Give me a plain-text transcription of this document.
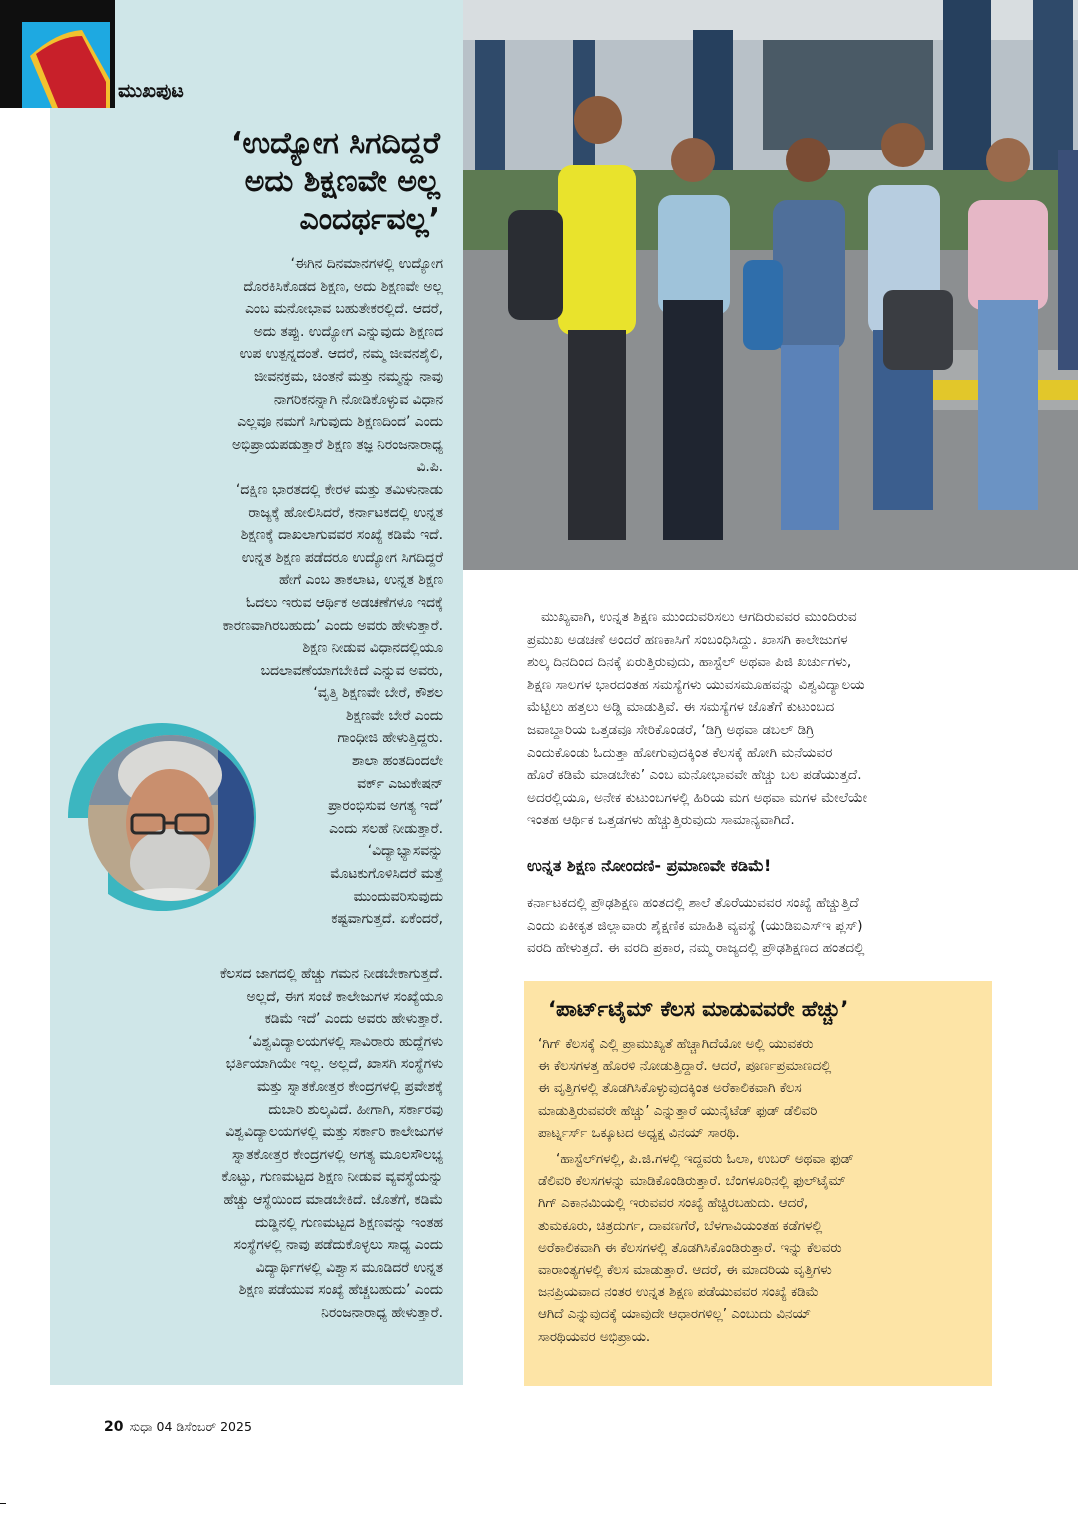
ಮುಖಪುಟ
‘ಉದ್ಯೋಗ ಸಿಗದಿದ್ದರೆ
ಅದು ಶಿಕ್ಷಣವೇ ಅಲ್ಲ
ಎಂದರ್ಥವಲ್ಲ’

‘ಈಗಿನ ದಿನಮಾನಗಳಲ್ಲಿ ಉದ್ಯೋಗ

ದೊರಕಿಸಿಕೊಡದ ಶಿಕ್ಷಣ, ಅದು ಶಿಕ್ಷಣವೇ ಅಲ್ಲ

ಎಂಬ ಮನೋಭಾವ ಬಹುತೇಕರಲ್ಲಿದೆ. ಆದರೆ,

ಅದು ತಪ್ಪು. ಉದ್ಯೋಗ ಎನ್ನುವುದು ಶಿಕ್ಷಣದ

ಉಪ ಉತ್ಪನ್ನದಂತೆ. ಆದರೆ, ನಮ್ಮ ಜೀವನಶೈಲಿ,

ಜೀವನಕ್ರಮ, ಚಿಂತನೆ ಮತ್ತು ನಮ್ಮನ್ನು ನಾವು

ನಾಗರಿಕನನ್ನಾಗಿ ನೋಡಿಕೊಳ್ಳುವ ವಿಧಾನ

ಎಲ್ಲವೂ ನಮಗೆ ಸಿಗುವುದು ಶಿಕ್ಷಣದಿಂದ’ ಎಂದು

ಅಭಿಪ್ರಾಯಪಡುತ್ತಾರೆ ಶಿಕ್ಷಣ ತಜ್ಞ ನಿರಂಜನಾರಾಧ್ಯ

ವಿ.ಪಿ.

‘ದಕ್ಷಿಣ ಭಾರತದಲ್ಲಿ ಕೇರಳ ಮತ್ತು ತಮಿಳುನಾಡು

ರಾಜ್ಯಕ್ಕೆ ಹೋಲಿಸಿದರೆ, ಕರ್ನಾಟಕದಲ್ಲಿ ಉನ್ನತ

ಶಿಕ್ಷಣಕ್ಕೆ ದಾಖಲಾಗುವವರ ಸಂಖ್ಯೆ ಕಡಿಮೆ ಇದೆ.

ಉನ್ನತ ಶಿಕ್ಷಣ ಪಡೆದರೂ ಉದ್ಯೋಗ ಸಿಗದಿದ್ದರೆ

ಹೇಗೆ ಎಂಬ ತಾಕಲಾಟ, ಉನ್ನತ ಶಿಕ್ಷಣ

ಓದಲು ಇರುವ ಆರ್ಥಿಕ ಅಡಚಣೆಗಳೂ ಇದಕ್ಕೆ

ಕಾರಣವಾಗಿರಬಹುದು’ ಎಂದು ಅವರು ಹೇಳುತ್ತಾರೆ.

ಶಿಕ್ಷಣ ನೀಡುವ ವಿಧಾನದಲ್ಲಿಯೂ

ಬದಲಾವಣೆಯಾಗಬೇಕಿದೆ ಎನ್ನುವ ಅವರು,

‘ವೃತ್ತಿ ಶಿಕ್ಷಣವೇ ಬೇರೆ, ಕೌಶಲ

ಶಿಕ್ಷಣವೇ ಬೇರೆ ಎಂದು

ಗಾಂಧೀಜಿ ಹೇಳುತ್ತಿದ್ದರು.

ಶಾಲಾ ಹಂತದಿಂದಲೇ

ವರ್ಕ್ ಎಜುಕೇಷನ್

ಪ್ರಾರಂಭಿಸುವ ಅಗತ್ಯ ಇದೆ’

ಎಂದು ಸಲಹೆ ನೀಡುತ್ತಾರೆ.

‘ವಿದ್ಯಾಭ್ಯಾಸವನ್ನು

ಮೊಟಕುಗೊಳಿಸಿದರೆ ಮತ್ತೆ

ಮುಂದುವರಿಸುವುದು

ಕಷ್ಟವಾಗುತ್ತದೆ. ಏಕೆಂದರೆ,

ಕೆಲಸದ ಜಾಗದಲ್ಲಿ ಹೆಚ್ಚು ಗಮನ ನೀಡಬೇಕಾಗುತ್ತದೆ.

ಅಲ್ಲದೆ, ಈಗ ಸಂಜೆ ಕಾಲೇಜುಗಳ ಸಂಖ್ಯೆಯೂ

ಕಡಿಮೆ ಇದೆ’ ಎಂದು ಅವರು ಹೇಳುತ್ತಾರೆ.

‘ವಿಶ್ವವಿದ್ಯಾಲಯಗಳಲ್ಲಿ ಸಾವಿರಾರು ಹುದ್ದೆಗಳು

ಭರ್ತಿಯಾಗಿಯೇ ಇಲ್ಲ. ಅಲ್ಲದೆ, ಖಾಸಗಿ ಸಂಸ್ಥೆಗಳು

ಮತ್ತು ಸ್ನಾತಕೋತ್ತರ ಕೇಂದ್ರಗಳಲ್ಲಿ ಪ್ರವೇಶಕ್ಕೆ

ದುಬಾರಿ ಶುಲ್ಕವಿದೆ. ಹೀಗಾಗಿ, ಸರ್ಕಾರವು

ವಿಶ್ವವಿದ್ಯಾಲಯಗಳಲ್ಲಿ ಮತ್ತು ಸರ್ಕಾರಿ ಕಾಲೇಜುಗಳ

ಸ್ನಾತಕೋತ್ತರ ಕೇಂದ್ರಗಳಲ್ಲಿ ಅಗತ್ಯ ಮೂಲಸೌಲಭ್ಯ

ಕೊಟ್ಟು, ಗುಣಮಟ್ಟದ ಶಿಕ್ಷಣ ನೀಡುವ ವ್ಯವಸ್ಥೆಯನ್ನು

ಹೆಚ್ಚು ಆಸ್ಥೆಯಿಂದ ಮಾಡಬೇಕಿದೆ. ಜೊತೆಗೆ, ಕಡಿಮೆ

ದುಡ್ಡಿನಲ್ಲಿ ಗುಣಮಟ್ಟದ ಶಿಕ್ಷಣವನ್ನು ಇಂತಹ

ಸಂಸ್ಥೆಗಳಲ್ಲಿ ನಾವು ಪಡೆದುಕೊಳ್ಳಲು ಸಾಧ್ಯ ಎಂದು

ವಿದ್ಯಾರ್ಥಿಗಳಲ್ಲಿ ವಿಶ್ವಾಸ ಮೂಡಿದರೆ ಉನ್ನತ

ಶಿಕ್ಷಣ ಪಡೆಯುವ ಸಂಖ್ಯೆ ಹೆಚ್ಚಬಹುದು’ ಎಂದು

ನಿರಂಜನಾರಾಧ್ಯ ಹೇಳುತ್ತಾರೆ.

ಮುಖ್ಯವಾಗಿ, ಉನ್ನತ ಶಿಕ್ಷಣ ಮುಂದುವರಿಸಲು ಆಗದಿರುವವರ ಮುಂದಿರುವ

ಪ್ರಮುಖ ಅಡಚಣೆ ಅಂದರೆ ಹಣಕಾಸಿಗೆ ಸಂಬಂಧಿಸಿದ್ದು. ಖಾಸಗಿ ಕಾಲೇಜುಗಳ

ಶುಲ್ಕ ದಿನದಿಂದ ದಿನಕ್ಕೆ ಏರುತ್ತಿರುವುದು, ಹಾಸ್ಟೆಲ್ ಅಥವಾ ಪಿಜಿ ಖರ್ಚುಗಳು,

ಶಿಕ್ಷಣ ಸಾಲಗಳ ಭಾರದಂತಹ ಸಮಸ್ಯೆಗಳು ಯುವಸಮೂಹವನ್ನು ವಿಶ್ವವಿದ್ಯಾಲಯ

ಮೆಟ್ಟಿಲು ಹತ್ತಲು ಅಡ್ಡಿ ಮಾಡುತ್ತಿವೆ. ಈ ಸಮಸ್ಯೆಗಳ ಜೊತೆಗೆ ಕುಟುಂಬದ

ಜವಾಬ್ದಾರಿಯ ಒತ್ತಡವೂ ಸೇರಿಕೊಂಡರೆ, ‘ಡಿಗ್ರಿ ಅಥವಾ ಡಬಲ್ ಡಿಗ್ರಿ

ಎಂದುಕೊಂಡು ಓದುತ್ತಾ ಹೋಗುವುದಕ್ಕಿಂತ ಕೆಲಸಕ್ಕೆ ಹೋಗಿ ಮನೆಯವರ

ಹೊರೆ ಕಡಿಮೆ ಮಾಡಬೇಕು’ ಎಂಬ ಮನೋಭಾವವೇ ಹೆಚ್ಚು ಬಲ ಪಡೆಯುತ್ತದೆ.

ಅದರಲ್ಲಿಯೂ, ಅನೇಕ ಕುಟುಂಬಗಳಲ್ಲಿ ಹಿರಿಯ ಮಗ ಅಥವಾ ಮಗಳ ಮೇಲೆಯೇ

ಇಂತಹ ಆರ್ಥಿಕ ಒತ್ತಡಗಳು ಹೆಚ್ಚುತ್ತಿರುವುದು ಸಾಮಾನ್ಯವಾಗಿದೆ.

ಉನ್ನತ ಶಿಕ್ಷಣ ನೋಂದಣಿ- ಪ್ರಮಾಣವೇ ಕಡಿಮೆ!

ಕರ್ನಾಟಕದಲ್ಲಿ ಪ್ರೌಢಶಿಕ್ಷಣ ಹಂತದಲ್ಲಿ ಶಾಲೆ ತೊರೆಯುವವರ ಸಂಖ್ಯೆ ಹೆಚ್ಚುತ್ತಿದೆ

ಎಂದು ಏಕೀಕೃತ ಜಿಲ್ಲಾವಾರು ಶೈಕ್ಷಣಿಕ ಮಾಹಿತಿ ವ್ಯವಸ್ಥೆ (ಯುಡಿಐಎಸ್‌ಇ ಪ್ಲಸ್)

ವರದಿ ಹೇಳುತ್ತದೆ. ಈ ವರದಿ ಪ್ರಕಾರ, ನಮ್ಮ ರಾಜ್ಯದಲ್ಲಿ ಪ್ರೌಢಶಿಕ್ಷಣದ ಹಂತದಲ್ಲಿ

‘ಪಾರ್ಟ್‌ಟೈಮ್ ಕೆಲಸ ಮಾಡುವವರೇ ಹೆಚ್ಚು’

‘ಗಿಗ್ ಕೆಲಸಕ್ಕೆ ಎಲ್ಲಿ ಪ್ರಾಮುಖ್ಯತೆ ಹೆಚ್ಚಾಗಿದೆಯೋ ಅಲ್ಲಿ ಯುವಕರು

ಈ ಕೆಲಸಗಳತ್ತ ಹೊರಳಿ ನೋಡುತ್ತಿದ್ದಾರೆ. ಆದರೆ, ಪೂರ್ಣಪ್ರಮಾಣದಲ್ಲಿ

ಈ ವೃತ್ತಿಗಳಲ್ಲಿ ತೊಡಗಿಸಿಕೊಳ್ಳುವುದಕ್ಕಿಂತ ಅರೆಕಾಲಿಕವಾಗಿ ಕೆಲಸ

ಮಾಡುತ್ತಿರುವವರೇ ಹೆಚ್ಚು’ ಎನ್ನುತ್ತಾರೆ ಯುನೈಟೆಡ್ ಫುಡ್ ಡೆಲಿವರಿ

ಪಾರ್ಟ್ನರ್ಸ್ ಒಕ್ಕೂಟದ ಅಧ್ಯಕ್ಷ ವಿನಯ್ ಸಾರಥಿ.

‘ಹಾಸ್ಟೆಲ್‌ಗಳಲ್ಲಿ, ಪಿ.ಜಿ.ಗಳಲ್ಲಿ ಇದ್ದವರು ಓಲಾ, ಉಬರ್ ಅಥವಾ ಫುಡ್

ಡೆಲಿವರಿ ಕೆಲಸಗಳನ್ನು ಮಾಡಿಕೊಂಡಿರುತ್ತಾರೆ. ಬೆಂಗಳೂರಿನಲ್ಲಿ ಫುಲ್‌ಟೈಮ್

ಗಿಗ್ ಎಕಾನಮಿಯಲ್ಲಿ ಇರುವವರ ಸಂಖ್ಯೆ ಹೆಚ್ಚಿರಬಹುದು. ಆದರೆ,

ತುಮಕೂರು, ಚಿತ್ರದುರ್ಗ, ದಾವಣಗೆರೆ, ಬೆಳಗಾವಿಯಂತಹ ಕಡೆಗಳಲ್ಲಿ

ಅರೆಕಾಲಿಕವಾಗಿ ಈ ಕೆಲಸಗಳಲ್ಲಿ ತೊಡಗಿಸಿಕೊಂಡಿರುತ್ತಾರೆ. ಇನ್ನು ಕೆಲವರು

ವಾರಾಂತ್ಯಗಳಲ್ಲಿ ಕೆಲಸ ಮಾಡುತ್ತಾರೆ. ಆದರೆ, ಈ ಮಾದರಿಯ ವೃತ್ತಿಗಳು

ಜನಪ್ರಿಯವಾದ ನಂತರ ಉನ್ನತ ಶಿಕ್ಷಣ ಪಡೆಯುವವರ ಸಂಖ್ಯೆ ಕಡಿಮೆ

ಆಗಿದೆ ಎನ್ನುವುದಕ್ಕೆ ಯಾವುದೇ ಆಧಾರಗಳಿಲ್ಲ’ ಎಂಬುದು ವಿನಯ್

ಸಾರಥಿಯವರ ಅಭಿಪ್ರಾಯ.

20 ಸುಧಾ 04 ಡಿಸೆಂಬರ್ 2025
